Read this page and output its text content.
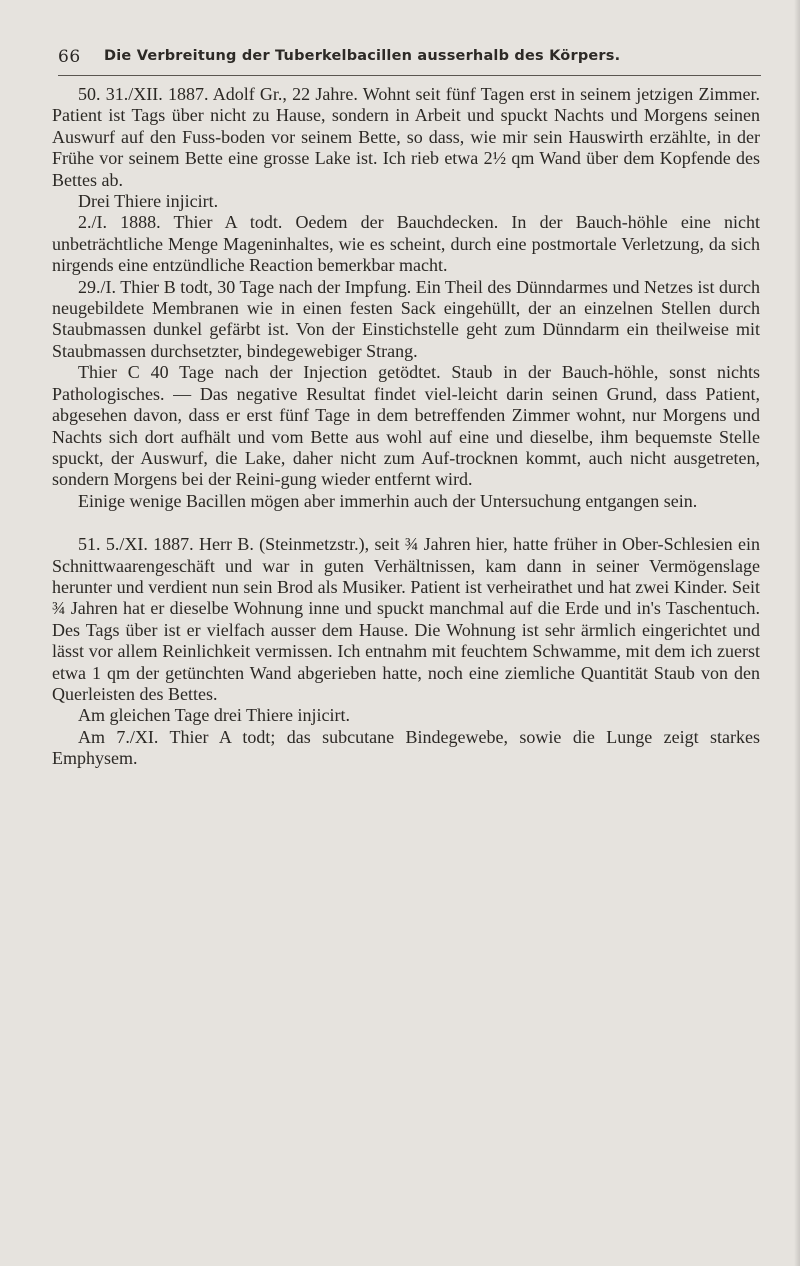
66 Die Verbreitung der Tuberkelbacillen ausserhalb des Körpers.

50. 31./XII. 1887. Adolf Gr., 22 Jahre. Wohnt seit fünf Tagen erst in seinem jetzigen Zimmer. Patient ist Tags über nicht zu Hause, sondern in Arbeit und spuckt Nachts und Morgens seinen Auswurf auf den Fuss-boden vor seinem Bette, so dass, wie mir sein Hauswirth erzählte, in der Frühe vor seinem Bette eine grosse Lake ist. Ich rieb etwa 2½ qm Wand über dem Kopfende des Bettes ab.

Drei Thiere injicirt.

2./I. 1888. Thier A todt. Oedem der Bauchdecken. In der Bauch-höhle eine nicht unbeträchtliche Menge Mageninhaltes, wie es scheint, durch eine postmortale Verletzung, da sich nirgends eine entzündliche Reaction bemerkbar macht.

29./I. Thier B todt, 30 Tage nach der Impfung. Ein Theil des Dünndarmes und Netzes ist durch neugebildete Membranen wie in einen festen Sack eingehüllt, der an einzelnen Stellen durch Staubmassen dunkel gefärbt ist. Von der Einstichstelle geht zum Dünndarm ein theilweise mit Staubmassen durchsetzter, bindegewebiger Strang.

Thier C 40 Tage nach der Injection getödtet. Staub in der Bauch-höhle, sonst nichts Pathologisches. — Das negative Resultat findet viel-leicht darin seinen Grund, dass Patient, abgesehen davon, dass er erst fünf Tage in dem betreffenden Zimmer wohnt, nur Morgens und Nachts sich dort aufhält und vom Bette aus wohl auf eine und dieselbe, ihm bequemste Stelle spuckt, der Auswurf, die Lake, daher nicht zum Auf-trocknen kommt, auch nicht ausgetreten, sondern Morgens bei der Reini-gung wieder entfernt wird.

Einige wenige Bacillen mögen aber immerhin auch der Untersuchung entgangen sein.

51. 5./XI. 1887. Herr B. (Steinmetzstr.), seit ¾ Jahren hier, hatte früher in Ober-Schlesien ein Schnittwaarengeschäft und war in guten Verhältnissen, kam dann in seiner Vermögenslage herunter und verdient nun sein Brod als Musiker. Patient ist verheirathet und hat zwei Kinder. Seit ¾ Jahren hat er dieselbe Wohnung inne und spuckt manchmal auf die Erde und in's Taschentuch. Des Tags über ist er vielfach ausser dem Hause. Die Wohnung ist sehr ärmlich eingerichtet und lässt vor allem Reinlichkeit vermissen. Ich entnahm mit feuchtem Schwamme, mit dem ich zuerst etwa 1 qm der getünchten Wand abgerieben hatte, noch eine ziemliche Quantität Staub von den Querleisten des Bettes.

Am gleichen Tage drei Thiere injicirt.

Am 7./XI. Thier A todt; das subcutane Bindegewebe, sowie die Lunge zeigt starkes Emphysem.
